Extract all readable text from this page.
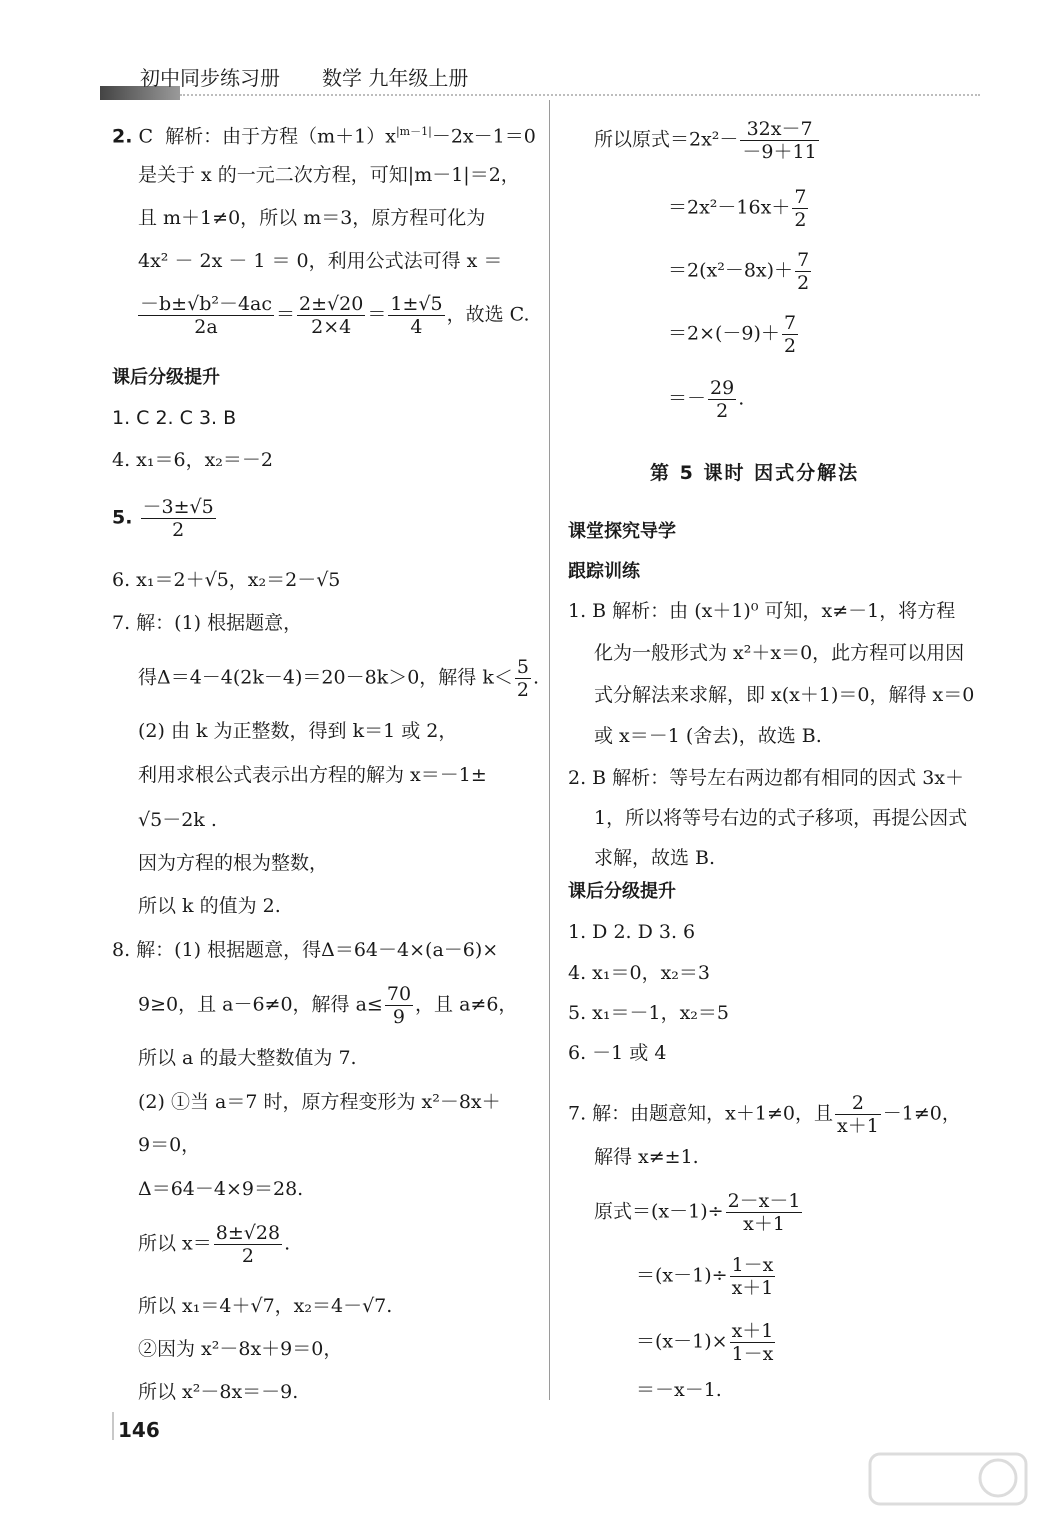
初中同步练习册 数学 九年级上册
2. C 解析：由于方程$(m+1)x^{|m-1|}-2x-1=0$
是关于 x 的一元二次方程，可知|m－1|＝2，
且 m＋1≠0，所以 m＝3，原方程可化为
4x² － 2x － 1 ＝ 0，利用公式法可得 x ＝
$\frac{\text{－b±√b²－4ac}}{2a} = \frac{2\pm√20}{2\times 4} = \frac{1\pm√5}{4}$ ，故选 C.
课后分级提升
1. C 2. C 3. B
4. x₁＝6，x₂＝－2
5. $\frac{-3\pm√5}{2}$
6. x₁＝2＋√5，x₂＝2－√5
7. 解：(1) 根据题意，
得Δ＝4－4(2k－4)＝20－8k＞0，解得 $k< \frac{5}{2}$ .
(2) 由 k 为正整数，得到 k＝1 或 2，
利用求根公式表示出方程的解为 x＝－1±
√5－2k .
因为方程的根为整数，
所以 k 的值为 2.
8. 解：(1) 根据题意，得Δ＝64－4×(a－6)×
9≥0，且 a－6≠0，解得 $a\le \frac{70}{9}$ ，且 a≠6，
所以 a 的最大整数值为 7.
(2) ①当 a＝7 时，原方程变形为 x²－8x＋
9＝0，
Δ＝64－4×9＝28.
所以 $x= \frac{8\pm√28}{2}$ .
所以 x₁＝4＋√7，x₂＝4－√7.
②因为 x²－8x＋9＝0，
所以 x²－8x＝－9.
所以原式$=2x^2- \frac{32x-7}{-9+11}$
$=2x^2-16x+ \frac{7}{2}$
$=2(x^2-8x)+ \frac{7}{2}$
$=2\times(-9)+ \frac{7}{2}$
＝－ $\frac{29}{2}$ .
第 5 课时 因式分解法
课堂探究导学
跟踪训练
1. B 解析：由 (x＋1)⁰ 可知，x≠－1，将方程
化为一般形式为 x²＋x＝0，此方程可以用因
式分解法来求解，即 x(x＋1)＝0，解得 x＝0
或 x＝－1 (舍去)，故选 B.
2. B 解析：等号左右两边都有相同的因式 3x＋
1，所以将等号右边的式子移项，再提公因式
求解，故选 B.
课后分级提升
1. D 2. D 3. 6
4. x₁＝0，x₂＝3
5. x₁＝－1，x₂＝5
6. －1 或 4
7. 解：由题意知，x＋1≠0，且 $\frac{2}{x+1} -1\ne 0$，
解得 x≠±1.
原式$=(x-1)\div \frac{2-x-1}{x+1}$
$=(x-1)\div \frac{1-x}{x+1}$
$=(x-1)\times \frac{x+1}{1-x}$
＝－x－1.
146
